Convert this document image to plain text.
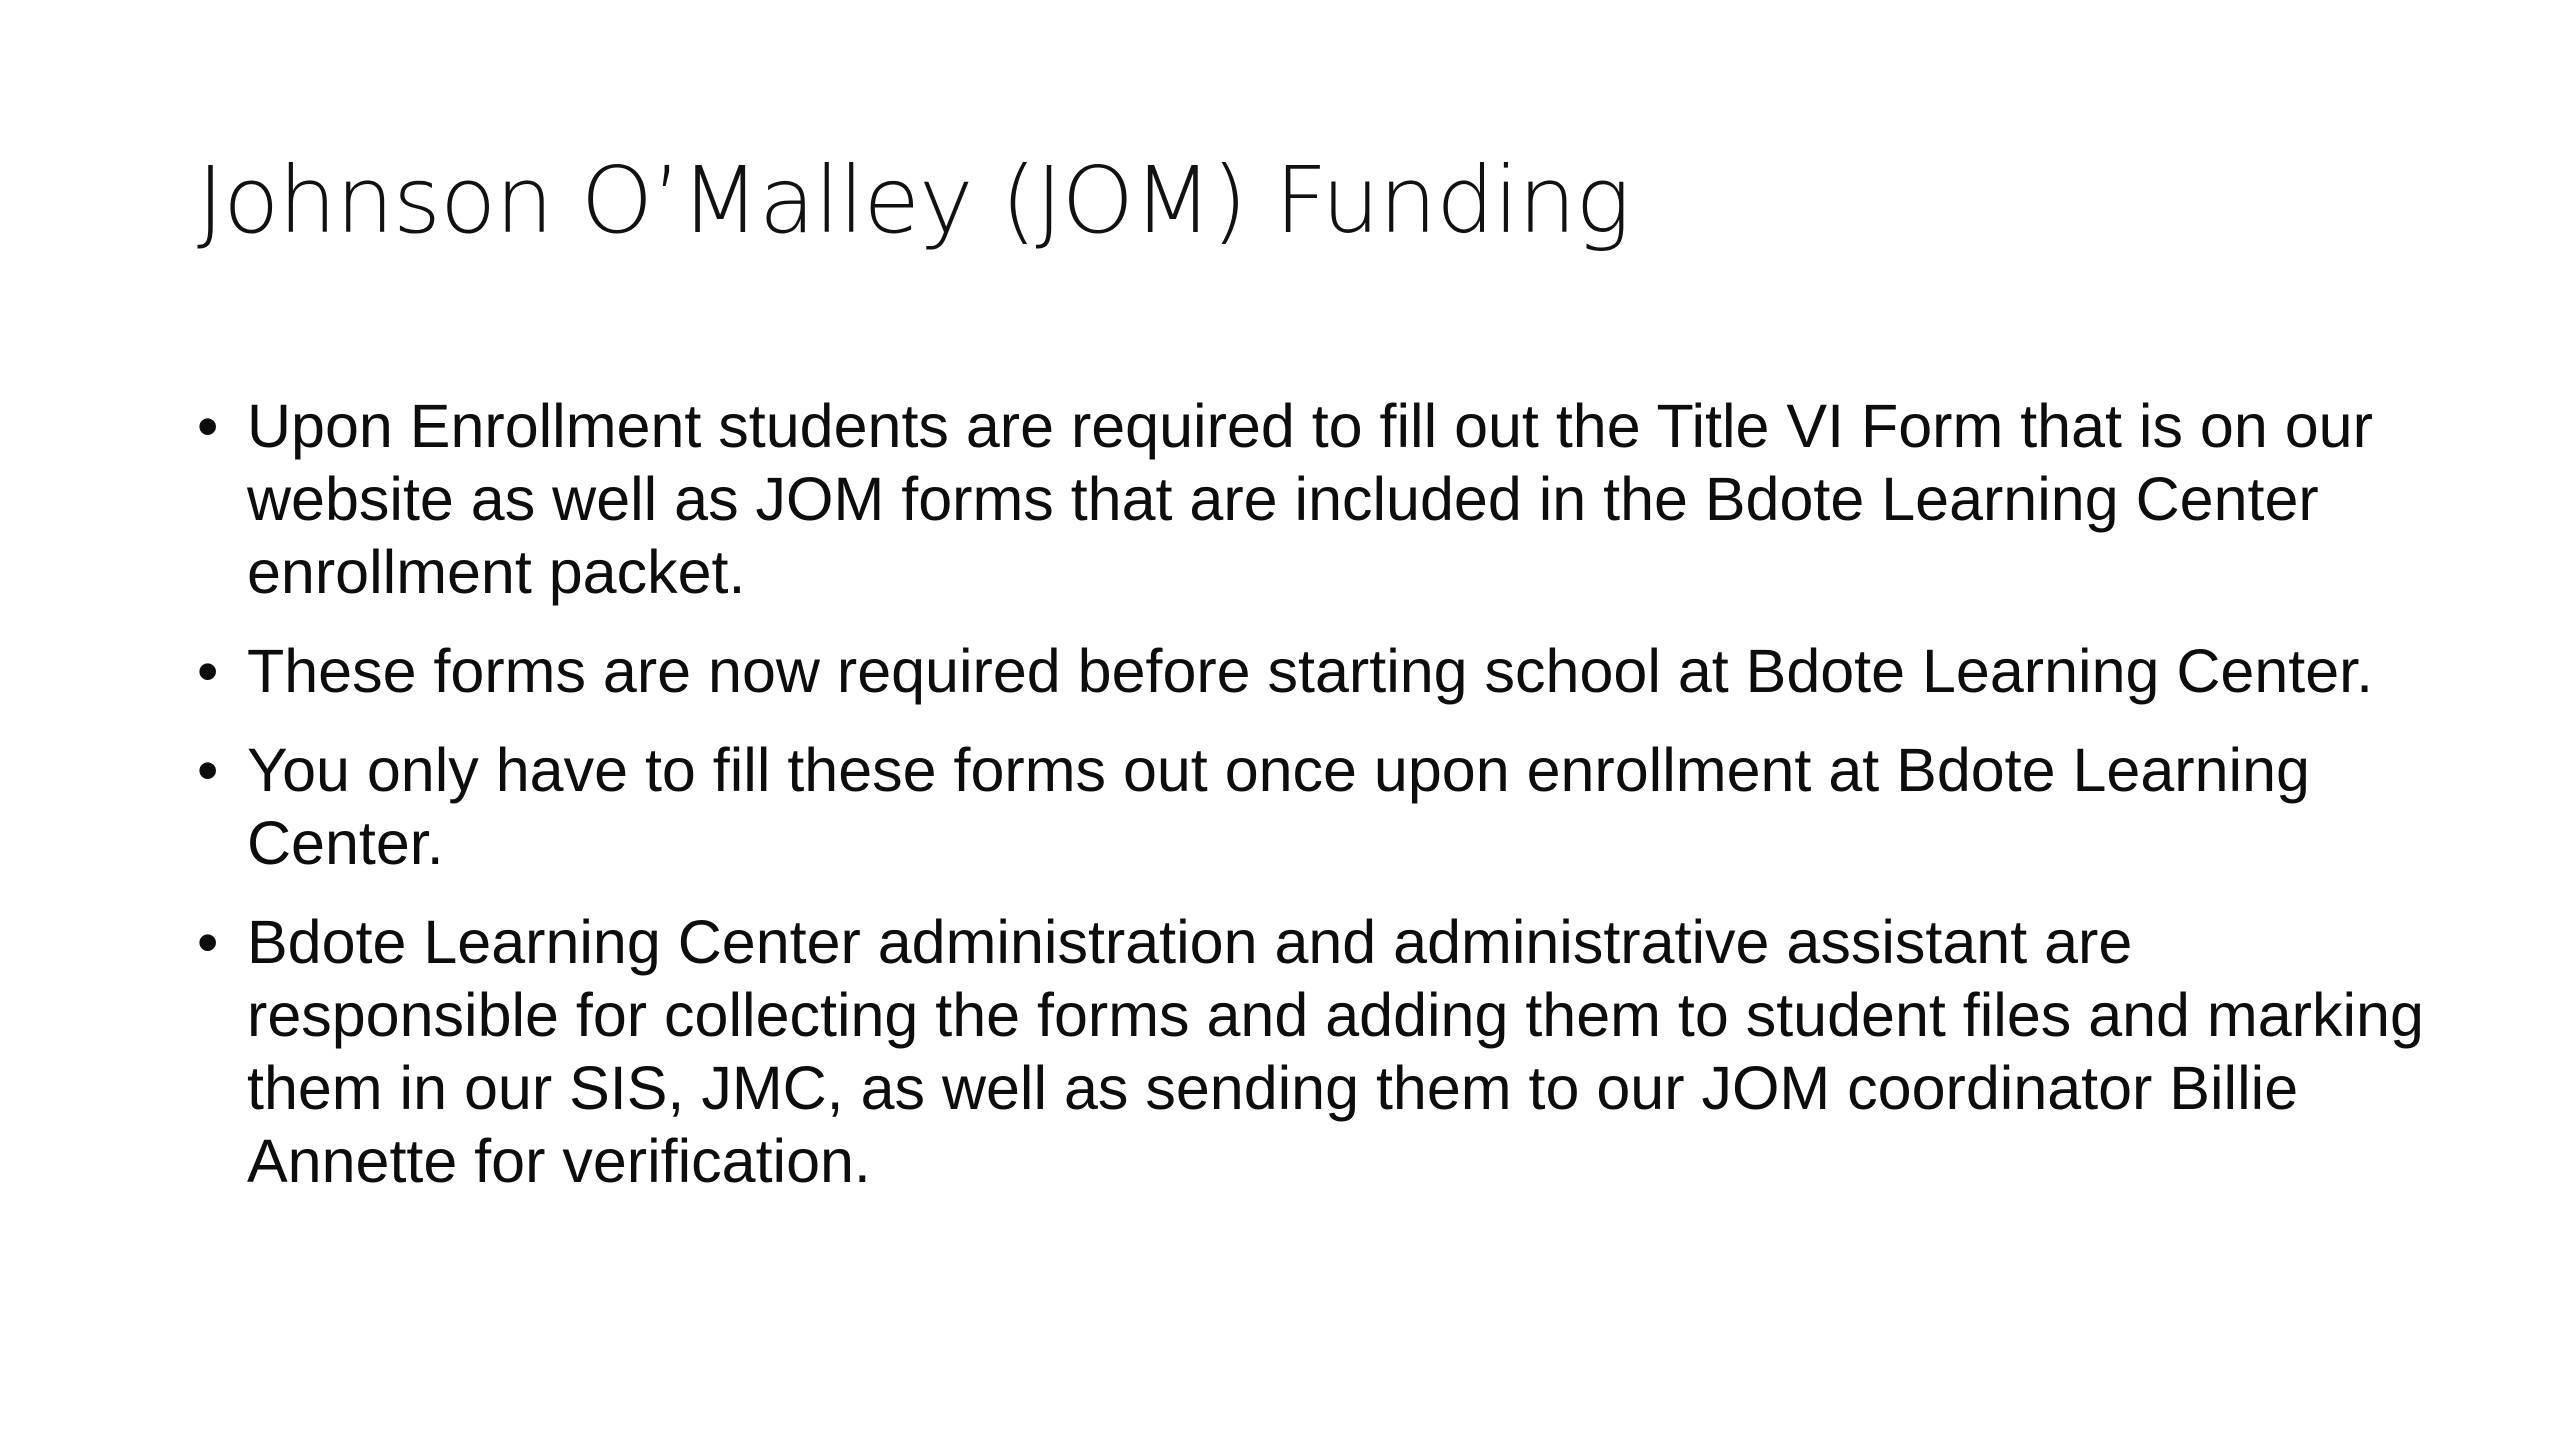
Johnson O’Malley (JOM) Funding
• Upon Enrollment students are required to fill out the Title VI Form that is on our website as well as JOM forms that are included in the Bdote Learning Center enrollment packet.
• These forms are now required before starting school at Bdote Learning Center.
• You only have to fill these forms out once upon enrollment at Bdote Learning Center.
• Bdote Learning Center administration and administrative assistant are responsible for collecting the forms and adding them to student files and marking them in our SIS, JMC, as well as sending them to our JOM coordinator Billie Annette for verification.
